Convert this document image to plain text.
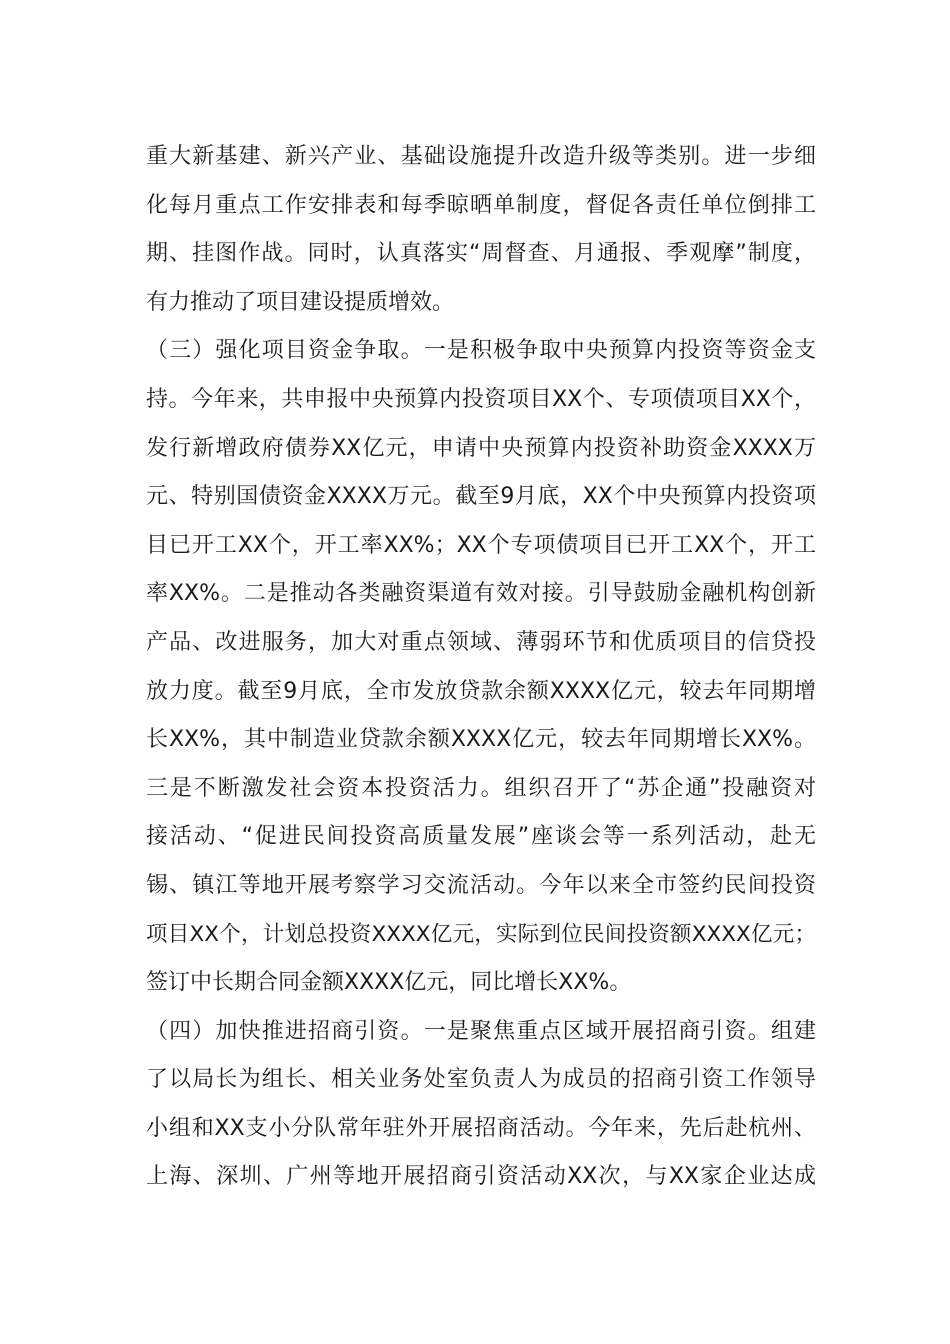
重大新基建、新兴产业、基础设施提升改造升级等类别。进一步细
化每月重点工作安排表和每季晾晒单制度，督促各责任单位倒排工
期、挂图作战。同时，认真落实“周督查、月通报、季观摩”制度，
有力推动了项目建设提质增效。
（三）强化项目资金争取。一是积极争取中央预算内投资等资金支
持。今年来，共申报中央预算内投资项目XX个、专项债项目XX个，
发行新增政府债券XX亿元，申请中央预算内投资补助资金XXXX万
元、特别国债资金XXXX万元。截至9月底，XX个中央预算内投资项
目已开工XX个，开工率XX%；XX个专项债项目已开工XX个，开工
率XX%。二是推动各类融资渠道有效对接。引导鼓励金融机构创新
产品、改进服务，加大对重点领域、薄弱环节和优质项目的信贷投
放力度。截至9月底，全市发放贷款余额XXXX亿元，较去年同期增
长XX%，其中制造业贷款余额XXXX亿元，较去年同期增长XX%。
三是不断激发社会资本投资活力。组织召开了“苏企通”投融资对
接活动、“促进民间投资高质量发展”座谈会等一系列活动，赴无
锡、镇江等地开展考察学习交流活动。今年以来全市签约民间投资
项目XX个，计划总投资XXXX亿元，实际到位民间投资额XXXX亿元；
签订中长期合同金额XXXX亿元，同比增长XX%。
（四）加快推进招商引资。一是聚焦重点区域开展招商引资。组建
了以局长为组长、相关业务处室负责人为成员的招商引资工作领导
小组和XX支小分队常年驻外开展招商活动。今年来，先后赴杭州、
上海、深圳、广州等地开展招商引资活动XX次，与XX家企业达成
